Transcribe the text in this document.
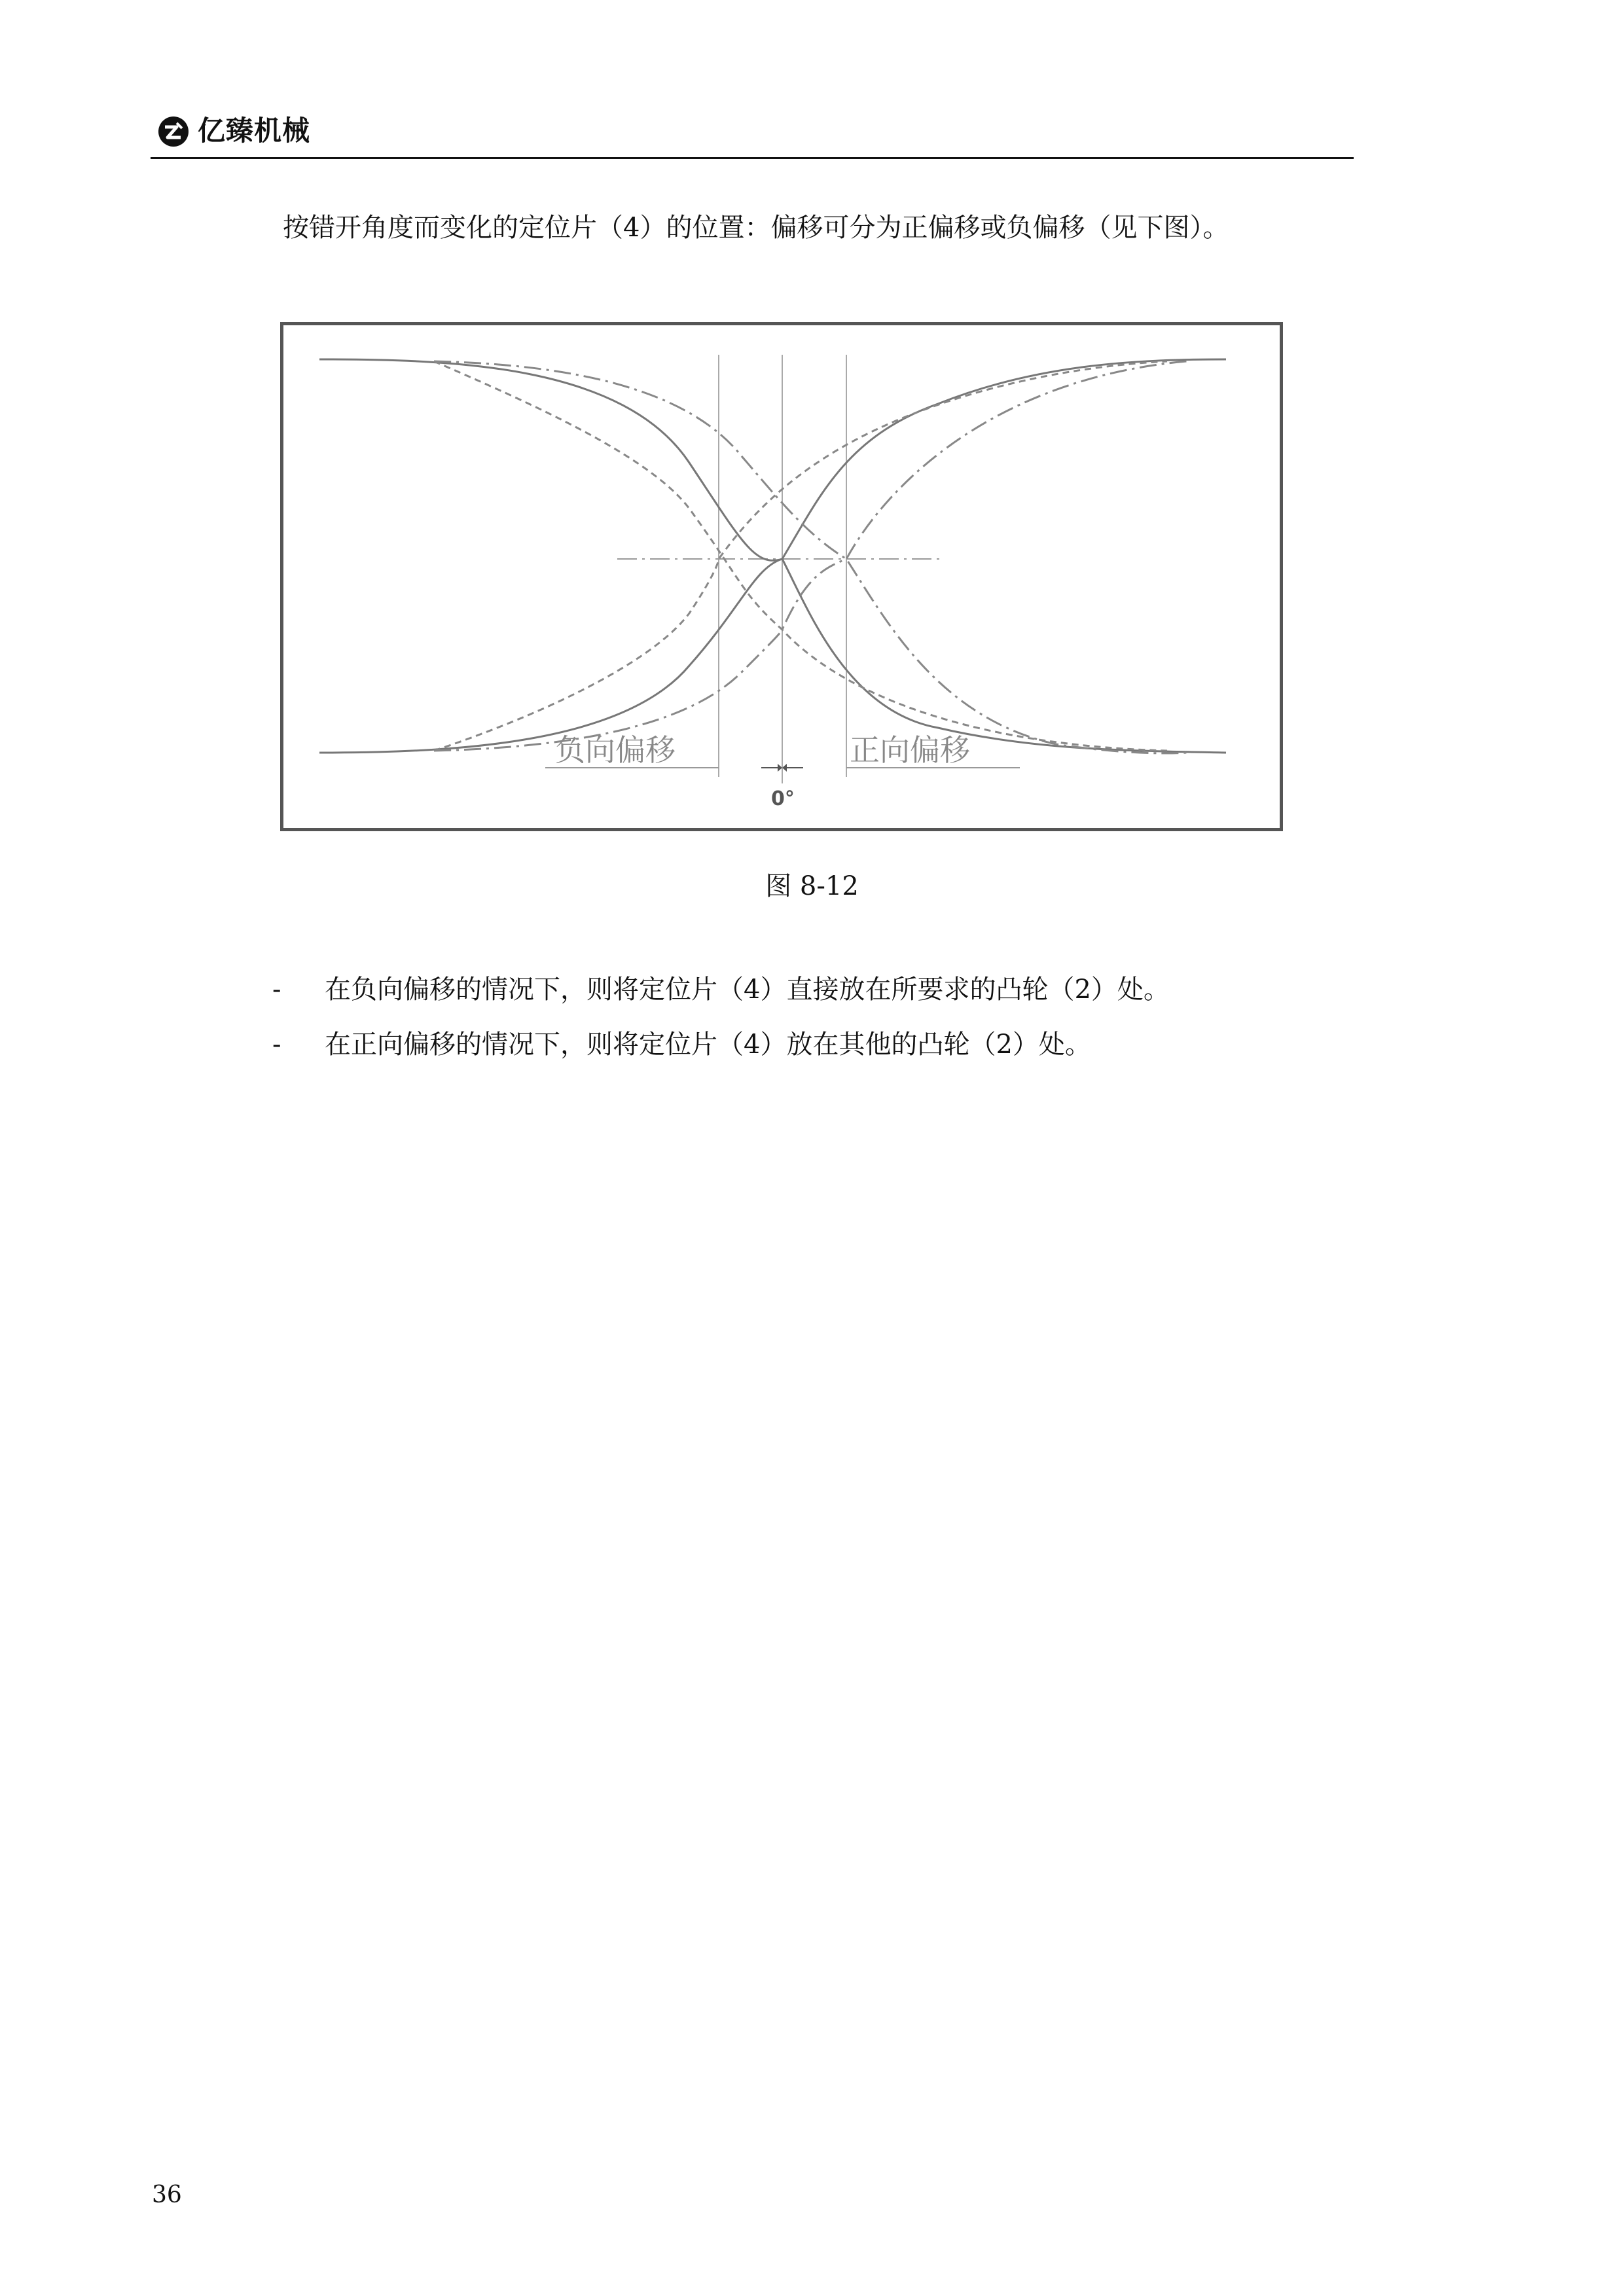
亿臻机械
按错开角度而变化的定位片（4）的位置：偏移可分为正偏移或负偏移（见下图）。
负向偏移	正向偏移
0°
图 8-12
- 在负向偏移的情况下，则将定位片（4）直接放在所要求的凸轮（2）处。
- 在正向偏移的情况下，则将定位片（4）放在其他的凸轮（2）处。
36
